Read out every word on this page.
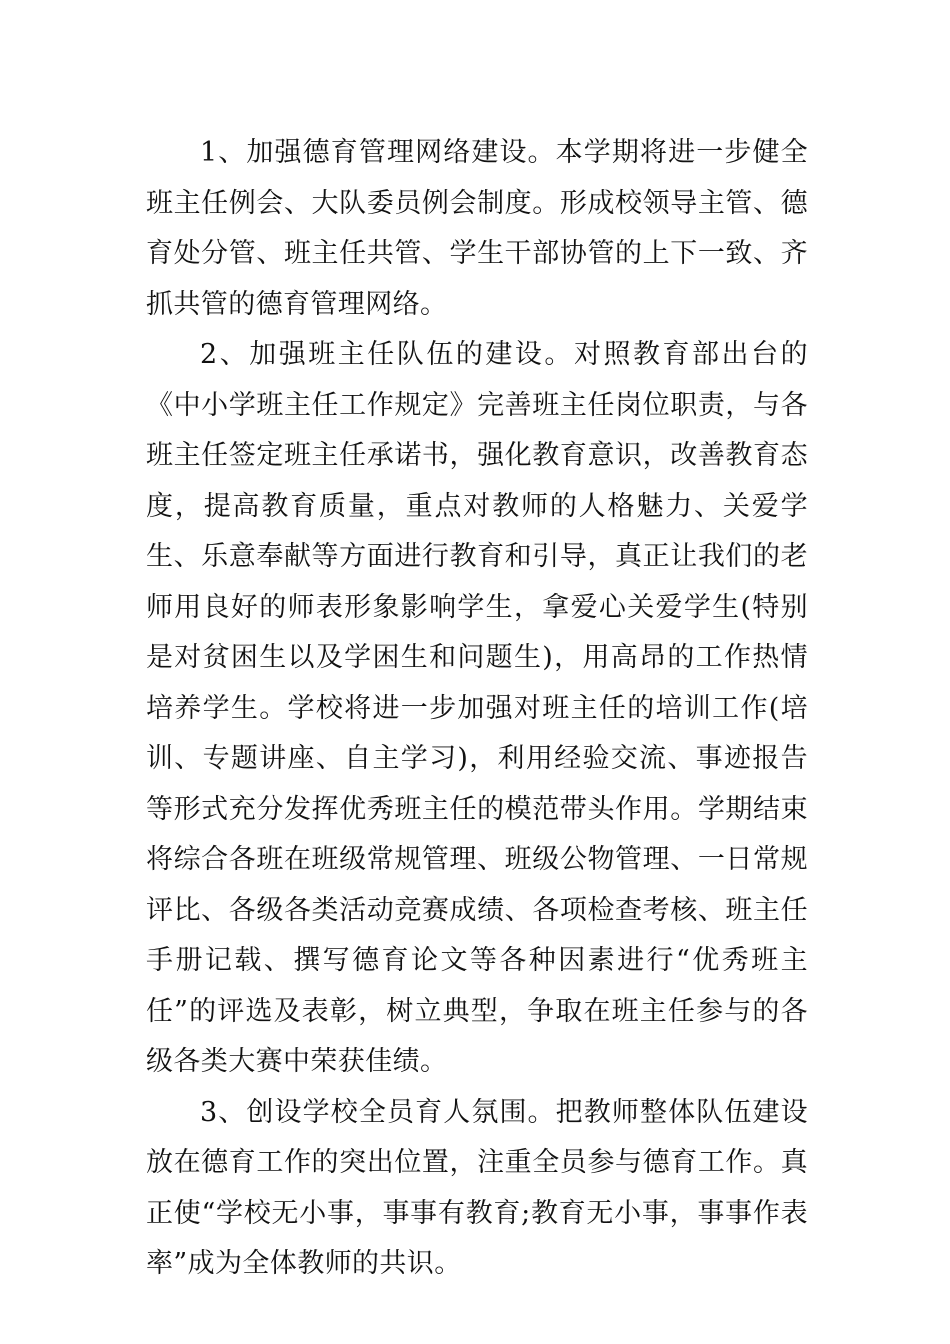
1、加强德育管理网络建设。本学期将进一步健全班主任例会、大队委员例会制度。形成校领导主管、德育处分管、班主任共管、学生干部协管的上下一致、齐抓共管的德育管理网络。

2、加强班主任队伍的建设。对照教育部出台的《中小学班主任工作规定》完善班主任岗位职责，与各班主任签定班主任承诺书，强化教育意识，改善教育态度，提高教育质量，重点对教师的人格魅力、关爱学生、乐意奉献等方面进行教育和引导，真正让我们的老师用良好的师表形象影响学生，拿爱心关爱学生(特别是对贫困生以及学困生和问题生)，用高昂的工作热情培养学生。学校将进一步加强对班主任的培训工作(培训、专题讲座、自主学习)，利用经验交流、事迹报告等形式充分发挥优秀班主任的模范带头作用。学期结束将综合各班在班级常规管理、班级公物管理、一日常规评比、各级各类活动竞赛成绩、各项检查考核、班主任手册记载、撰写德育论文等各种因素进行“优秀班主任”的评选及表彰，树立典型，争取在班主任参与的各级各类大赛中荣获佳绩。

3、创设学校全员育人氛围。把教师整体队伍建设放在德育工作的突出位置，注重全员参与德育工作。真正使“学校无小事，事事有教育;教育无小事，事事作表率”成为全体教师的共识。
